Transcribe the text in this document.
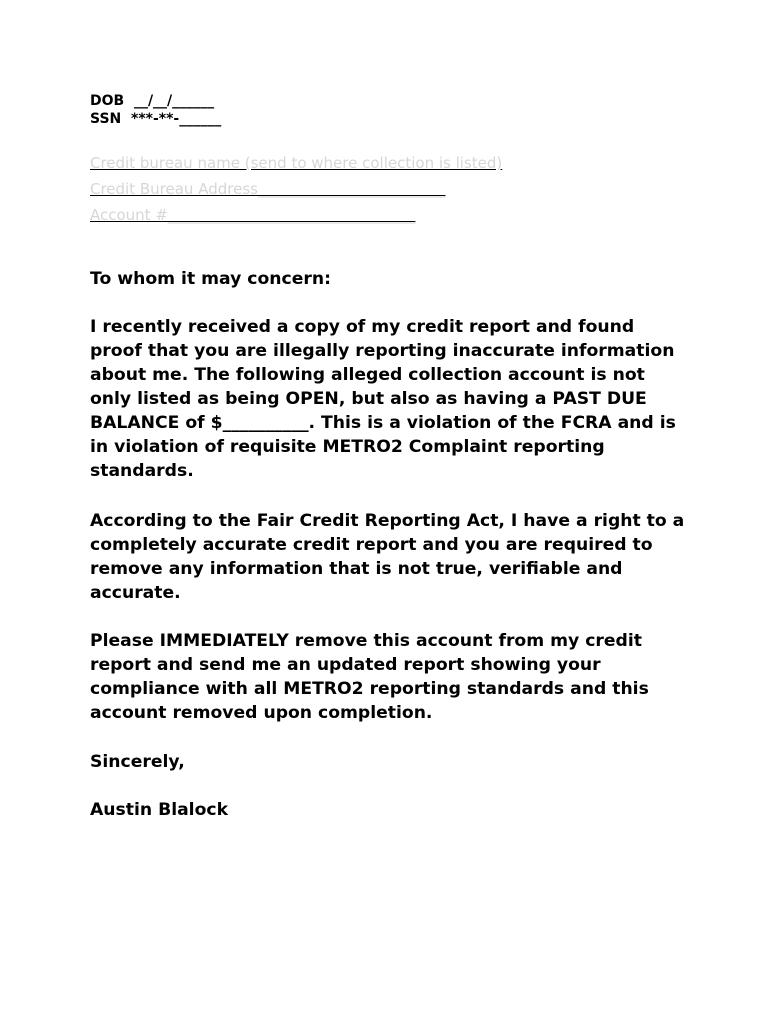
DOB  __/__/______
SSN  ***-**-______
Credit bureau name (send to where collection is listed)
Credit Bureau Address_________________________
Account #_________________________________

To whom it may concern:

I recently received a copy of my credit report and found proof that you are illegally reporting inaccurate information about me. The following alleged collection account is not only listed as being OPEN, but also as having a PAST DUE BALANCE of $__________. This is a violation of the FCRA and is in violation of requisite METRO2 Complaint reporting standards.

According to the Fair Credit Reporting Act, I have a right to a completely accurate credit report and you are required to remove any information that is not true, verifiable and accurate.

Please IMMEDIATELY remove this account from my credit report and send me an updated report showing your compliance with all METRO2 reporting standards and this account removed upon completion.

Sincerely,

Austin Blalock
